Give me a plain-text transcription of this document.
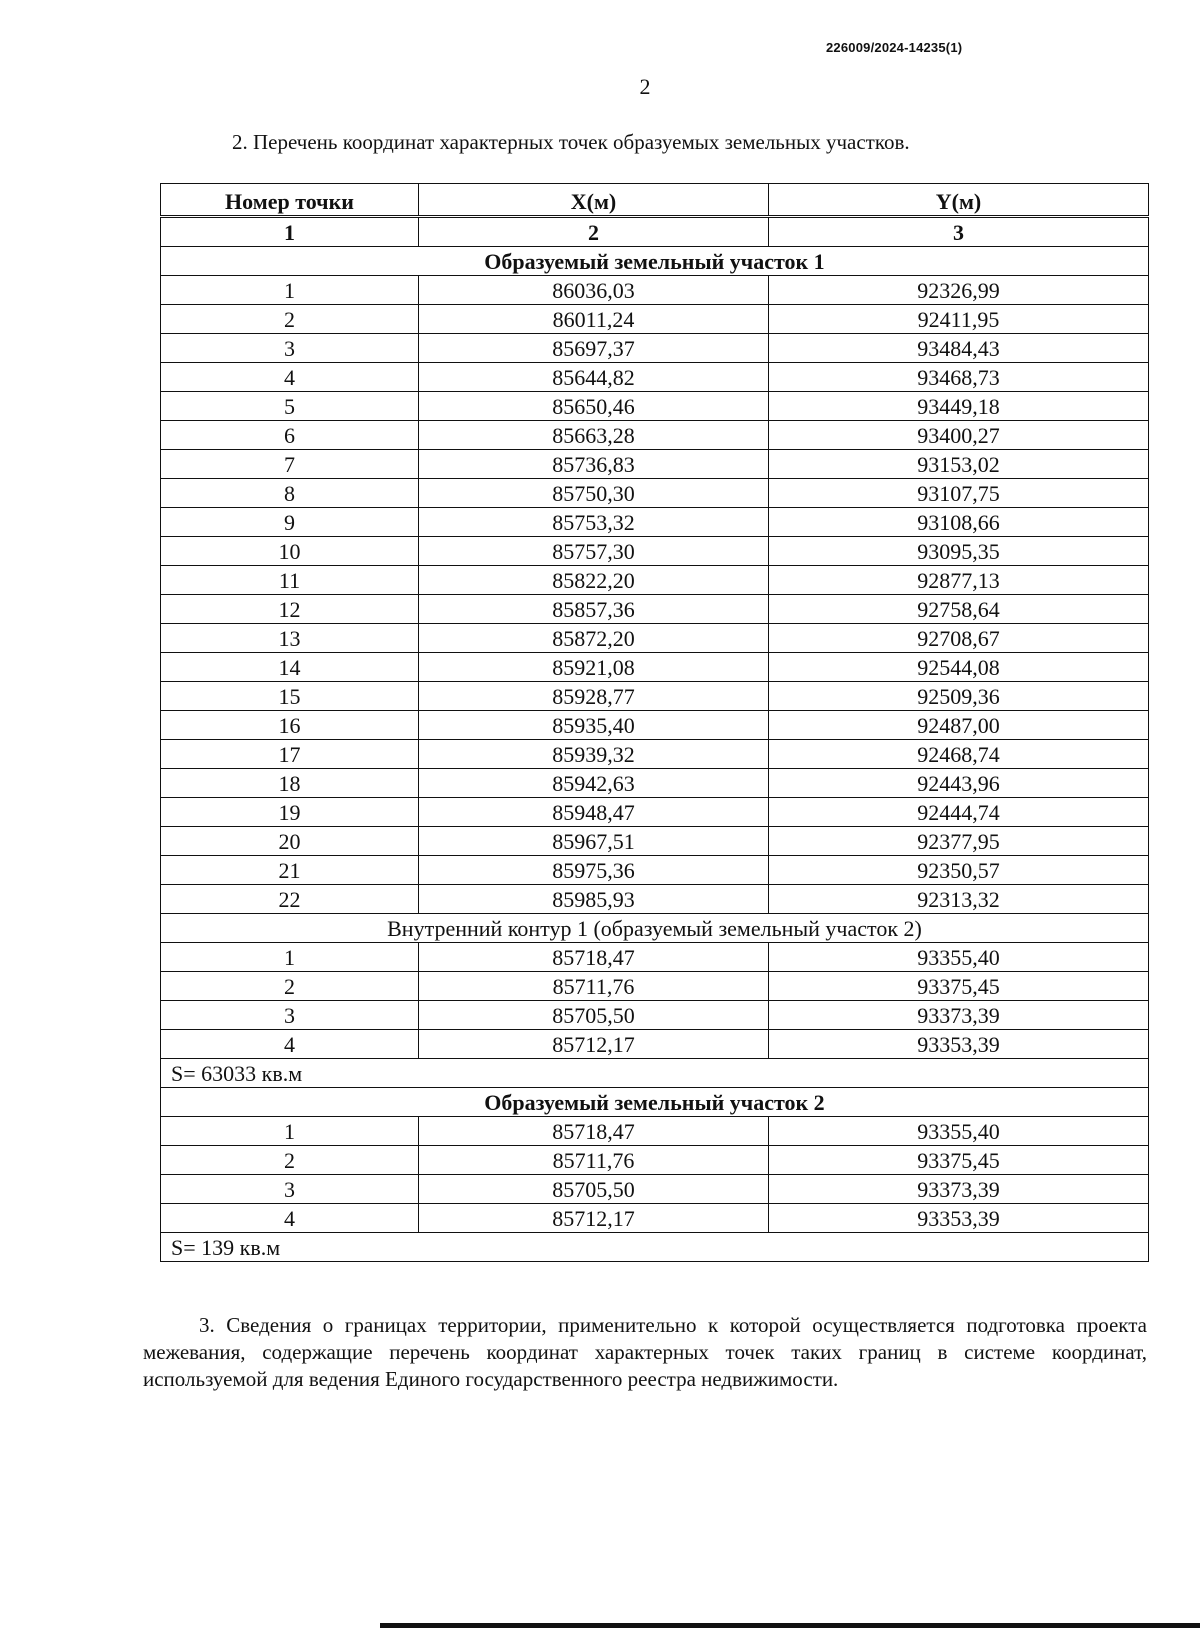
226009/2024-14235(1)
2
2. Перечень координат характерных точек образуемых земельных участков.
Номер точки	X(м)	Y(м)
1	2	3
Образуемый земельный участок 1		
1	86036,03	92326,99
2	86011,24	92411,95
3	85697,37	93484,43
4	85644,82	93468,73
5	85650,46	93449,18
6	85663,28	93400,27
7	85736,83	93153,02
8	85750,30	93107,75
9	85753,32	93108,66
10	85757,30	93095,35
11	85822,20	92877,13
12	85857,36	92758,64
13	85872,20	92708,67
14	85921,08	92544,08
15	85928,77	92509,36
16	85935,40	92487,00
17	85939,32	92468,74
18	85942,63	92443,96
19	85948,47	92444,74
20	85967,51	92377,95
21	85975,36	92350,57
22	85985,93	92313,32
Внутренний контур 1 (образуемый земельный участок 2)		
1	85718,47	93355,40
2	85711,76	93375,45
3	85705,50	93373,39
4	85712,17	93353,39
S= 63033 кв.м		
Образуемый земельный участок 2		
1	85718,47	93355,40
2	85711,76	93375,45
3	85705,50	93373,39
4	85712,17	93353,39
S= 139 кв.м		
3. Сведения о границах территории, применительно к которой осуществляется подготовка проекта межевания, содержащие перечень координат характерных точек таких границ в системе координат, используемой для ведения Единого государственного реестра недвижимости.
